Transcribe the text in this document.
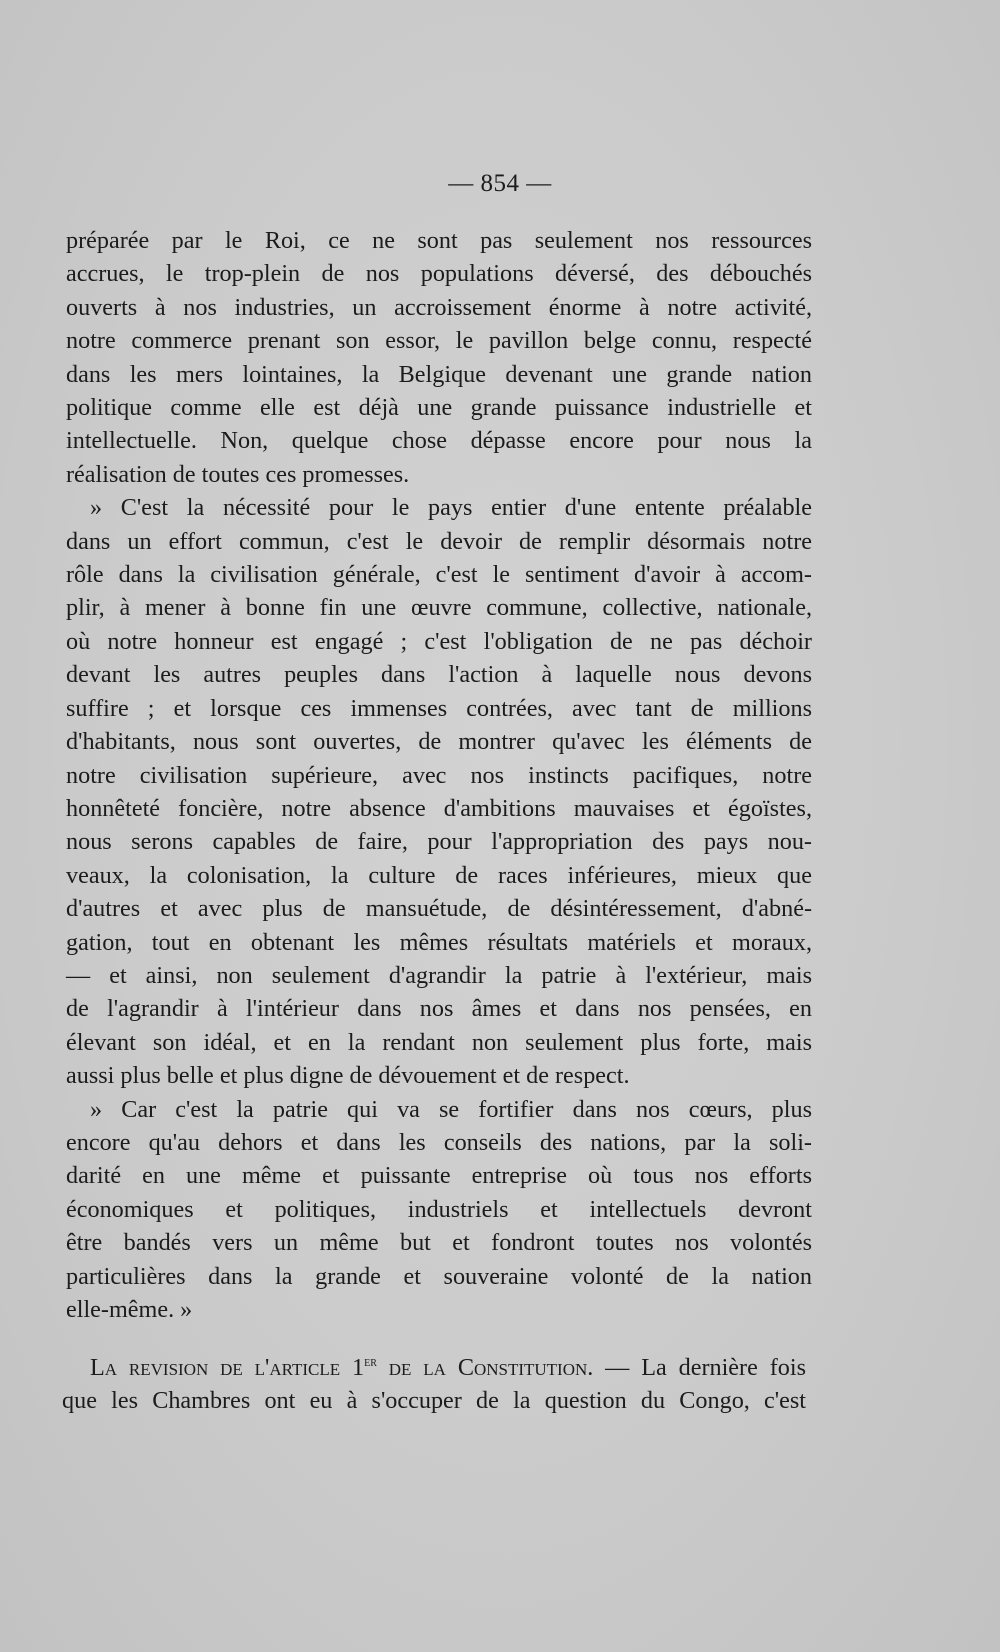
— 854 —

préparée par le Roi, ce ne sont pas seulement nos ressources
accrues, le trop-plein de nos populations déversé, des débouchés
ouverts à nos industries, un accroissement énorme à notre activité,
notre commerce prenant son essor, le pavillon belge connu, respecté
dans les mers lointaines, la Belgique devenant une grande nation
politique comme elle est déjà une grande puissance industrielle et
intellectuelle. Non, quelque chose dépasse encore pour nous la
réalisation de toutes ces promesses.

» C'est la nécessité pour le pays entier d'une entente préalable
dans un effort commun, c'est le devoir de remplir désormais notre
rôle dans la civilisation générale, c'est le sentiment d'avoir à accom-
plir, à mener à bonne fin une œuvre commune, collective, nationale,
où notre honneur est engagé ; c'est l'obligation de ne pas déchoir
devant les autres peuples dans l'action à laquelle nous devons
suffire ; et lorsque ces immenses contrées, avec tant de millions
d'habitants, nous sont ouvertes, de montrer qu'avec les éléments de
notre civilisation supérieure, avec nos instincts pacifiques, notre
honnêteté foncière, notre absence d'ambitions mauvaises et égoïstes,
nous serons capables de faire, pour l'appropriation des pays nou-
veaux, la colonisation, la culture de races inférieures, mieux que
d'autres et avec plus de mansuétude, de désintéressement, d'abné-
gation, tout en obtenant les mêmes résultats matériels et moraux,
— et ainsi, non seulement d'agrandir la patrie à l'extérieur, mais
de l'agrandir à l'intérieur dans nos âmes et dans nos pensées, en
élevant son idéal, et en la rendant non seulement plus forte, mais
aussi plus belle et plus digne de dévouement et de respect.

» Car c'est la patrie qui va se fortifier dans nos cœurs, plus
encore qu'au dehors et dans les conseils des nations, par la soli-
darité en une même et puissante entreprise où tous nos efforts
économiques et politiques, industriels et intellectuels devront
être bandés vers un même but et fondront toutes nos volontés
particulières dans la grande et souveraine volonté de la nation
elle-même. »

La revision de l'article 1er de la Constitution. — La dernière fois
que les Chambres ont eu à s'occuper de la question du Congo, c'est
